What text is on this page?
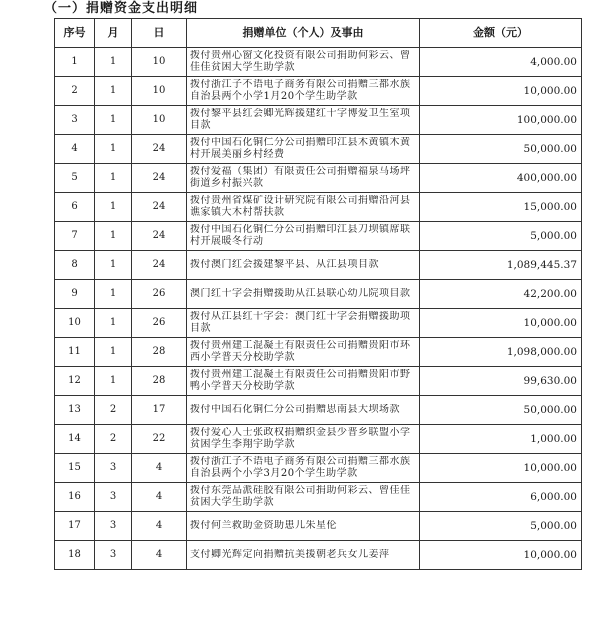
（一）捐赠资金支出明细
序号	月	日	捐赠单位（个人）及事由	金额（元）
1	1	10	拨付贵州心窗文化投资有限公司捐助何彩云、曾佳佳贫困大学生助学款	4,000.00
2	1	10	拨付浙江子不语电子商务有限公司捐赠三都水族自治县两个小学1月20个学生助学款	10,000.00
3	1	10	拨付黎平县红会卿光辉援建红十字博爱卫生室项目款	100,000.00
4	1	24	拨付中国石化铜仁分公司捐赠印江县木黄镇木黄村开展美丽乡村经费	50,000.00
5	1	24	拨付爱福（集团）有限责任公司捐赠福泉马场坪街道乡村振兴款	400,000.00
6	1	24	拨付贵州省煤矿设计研究院有限公司捐赠沿河县谯家镇大木村帮扶款	15,000.00
7	1	24	拨付中国石化铜仁分公司捐赠印江县刀坝镇席联村开展暖冬行动	5,000.00
8	1	24	拨付澳门红会援建黎平县、从江县项目款	1,089,445.37
9	1	26	澳门红十字会捐赠援助从江县联心幼儿院项目款	42,200.00
10	1	26	拨付从江县红十字会：澳门红十字会捐赠援助项目款	10,000.00
11	1	28	拨付贵州建工混凝土有限责任公司捐赠贵阳市环西小学普天分校助学款	1,098,000.00
12	1	28	拨付贵州建工混凝土有限责任公司捐赠贵阳市野鸭小学普天分校助学款	99,630.00
13	2	17	拨付中国石化铜仁分公司捐赠思南县大坝场款	50,000.00
14	2	22	拨付爱心人士张政权捐赠织金县少普乡联盟小学贫困学生李翔宇助学款	1,000.00
15	3	4	拨付浙江子不语电子商务有限公司捐赠三都水族自治县两个小学3月20个学生助学款	10,000.00
16	3	4	拨付东莞品派硅胶有限公司捐助何彩云、曾佳佳贫困大学生助学款	6,000.00
17	3	4	拨付何兰救助金资助患儿朱星伦	5,000.00
18	3	4	支付卿光辉定向捐赠抗美援朝老兵女儿姜萍	10,000.00
